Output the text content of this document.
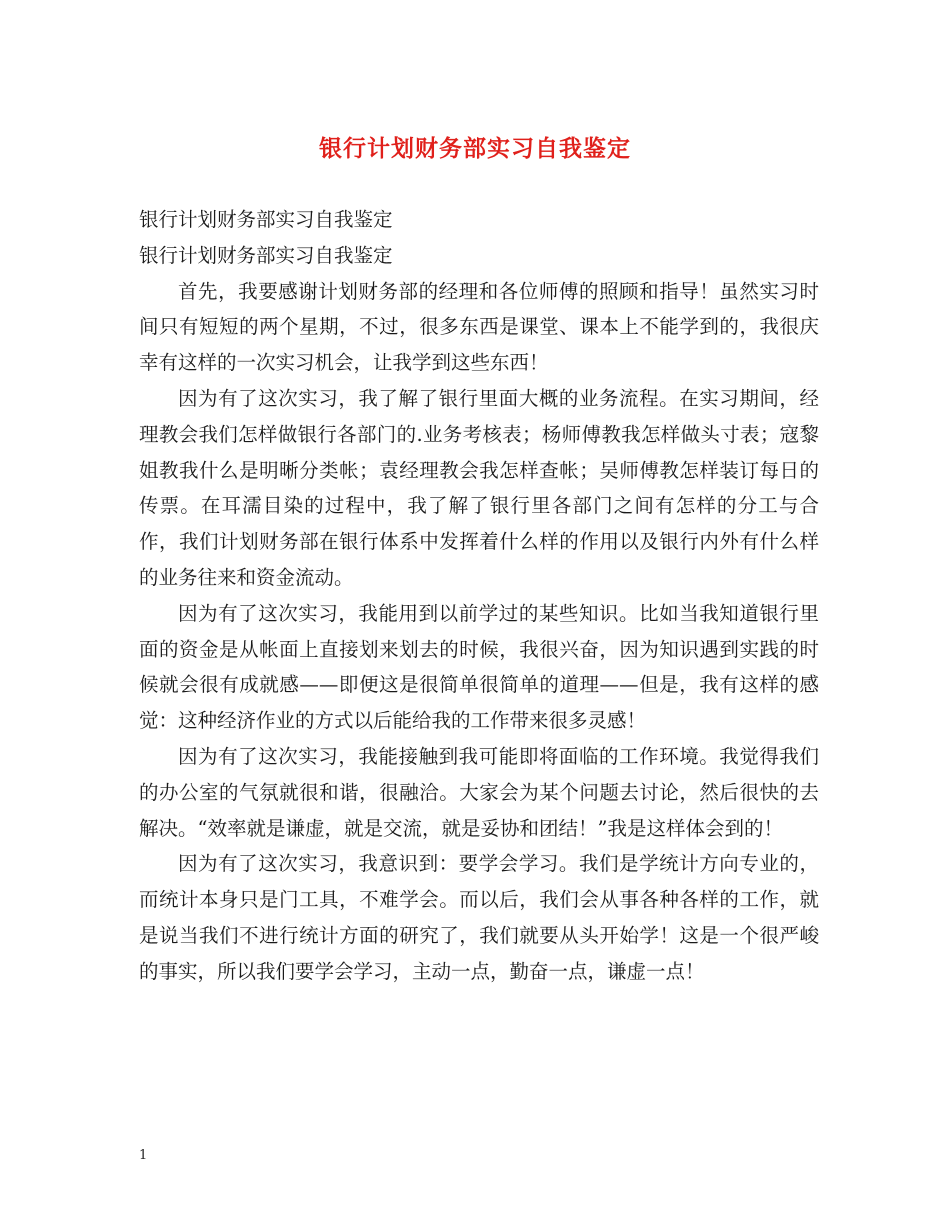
银行计划财务部实习自我鉴定

银行计划财务部实习自我鉴定

银行计划财务部实习自我鉴定

首先，我要感谢计划财务部的经理和各位师傅的照顾和指导！虽然实习时间只有短短的两个星期，不过，很多东西是课堂、课本上不能学到的，我很庆幸有这样的一次实习机会，让我学到这些东西！

因为有了这次实习，我了解了银行里面大概的业务流程。在实习期间，经理教会我们怎样做银行各部门的.业务考核表；杨师傅教我怎样做头寸表；寇黎姐教我什么是明晰分类帐；袁经理教会我怎样查帐；吴师傅教怎样装订每日的传票。在耳濡目染的过程中，我了解了银行里各部门之间有怎样的分工与合作，我们计划财务部在银行体系中发挥着什么样的作用以及银行内外有什么样的业务往来和资金流动。

因为有了这次实习，我能用到以前学过的某些知识。比如当我知道银行里面的资金是从帐面上直接划来划去的时候，我很兴奋，因为知识遇到实践的时候就会很有成就感——即便这是很简单很简单的道理——但是，我有这样的感觉：这种经济作业的方式以后能给我的工作带来很多灵感！

因为有了这次实习，我能接触到我可能即将面临的工作环境。我觉得我们的办公室的气氛就很和谐，很融洽。大家会为某个问题去讨论，然后很快的去解决。“效率就是谦虚，就是交流，就是妥协和团结！”我是这样体会到的！

因为有了这次实习，我意识到：要学会学习。我们是学统计方向专业的，而统计本身只是门工具，不难学会。而以后，我们会从事各种各样的工作，就是说当我们不进行统计方面的研究了，我们就要从头开始学！这是一个很严峻的事实，所以我们要学会学习，主动一点，勤奋一点，谦虚一点！

1
